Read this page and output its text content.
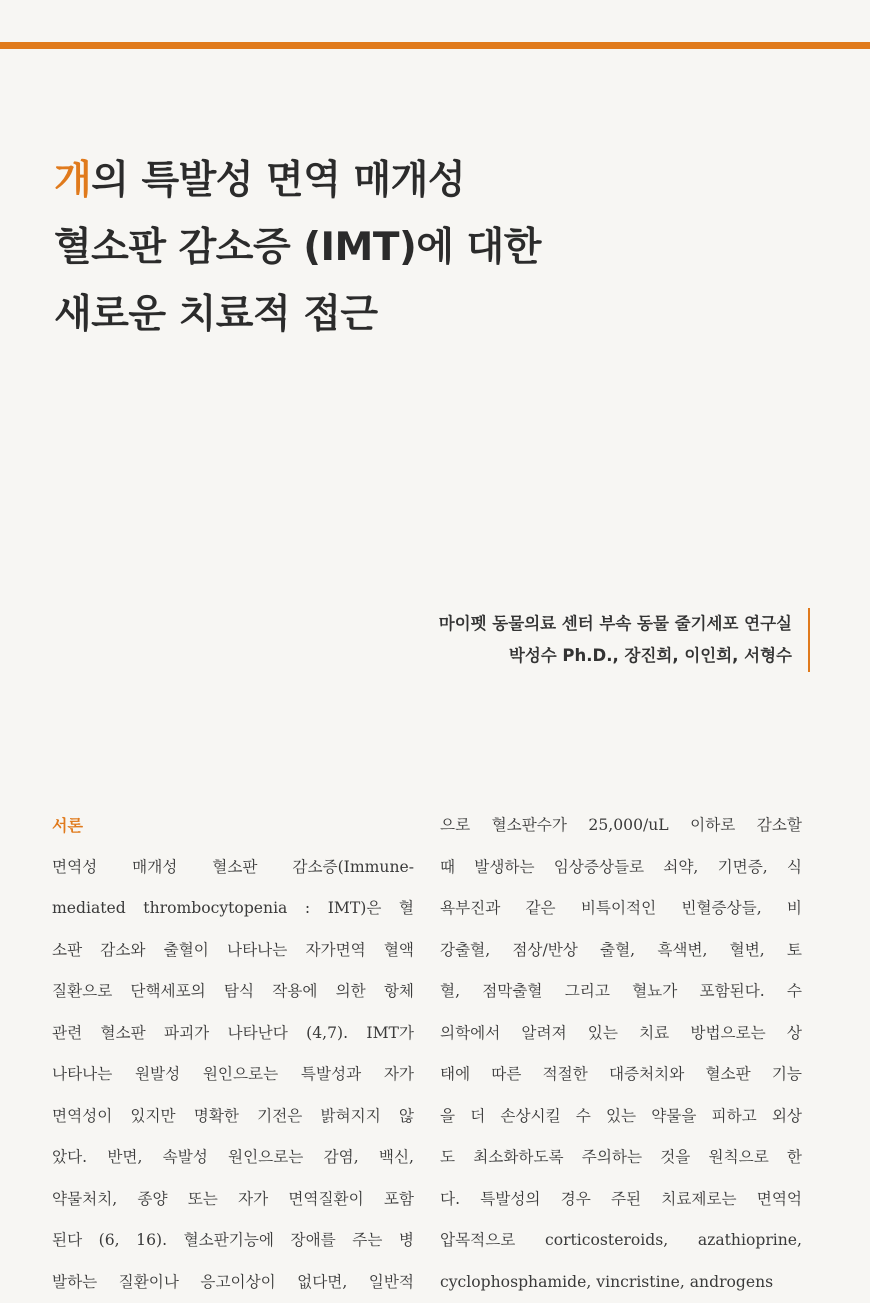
개의 특발성 면역 매개성
혈소판 감소증 (IMT)에 대한
새로운 치료적 접근
마이펫 동물의료 센터 부속 동물 줄기세포 연구실
박성수 Ph.D., 장진희, 이인희, 서형수
서론
면역성 매개성 혈소판 감소증(Immune-
mediated thrombocytopenia : IMT)은 혈
소판 감소와 출혈이 나타나는 자가면역 혈액
질환으로 단핵세포의 탐식 작용에 의한 항체
관련 혈소판 파괴가 나타난다 (4,7). IMT가
나타나는 원발성 원인으로는 특발성과 자가
면역성이 있지만 명확한 기전은 밝혀지지 않
았다. 반면, 속발성 원인으로는 감염, 백신,
약물처치, 종양 또는 자가 면역질환이 포함
된다 (6, 16). 혈소판기능에 장애를 주는 병
발하는 질환이나 응고이상이 없다면, 일반적
으로 혈소판수가 25,000/uL 이하로 감소할
때 발생하는 임상증상들로 쇠약, 기면증, 식
욕부진과 같은 비특이적인 빈혈증상들, 비
강출혈, 점상/반상 출혈, 흑색변, 혈변, 토
혈, 점막출혈 그리고 혈뇨가 포함된다. 수
의학에서 알려져 있는 치료 방법으로는 상
태에 따른 적절한 대증처치와 혈소판 기능
을 더 손상시킬 수 있는 약물을 피하고 외상
도 최소화하도록 주의하는 것을 원칙으로 한
다. 특발성의 경우 주된 치료제로는 면역억
압목적으로 corticosteroids, azathioprine,
cyclophosphamide, vincristine, androgens
